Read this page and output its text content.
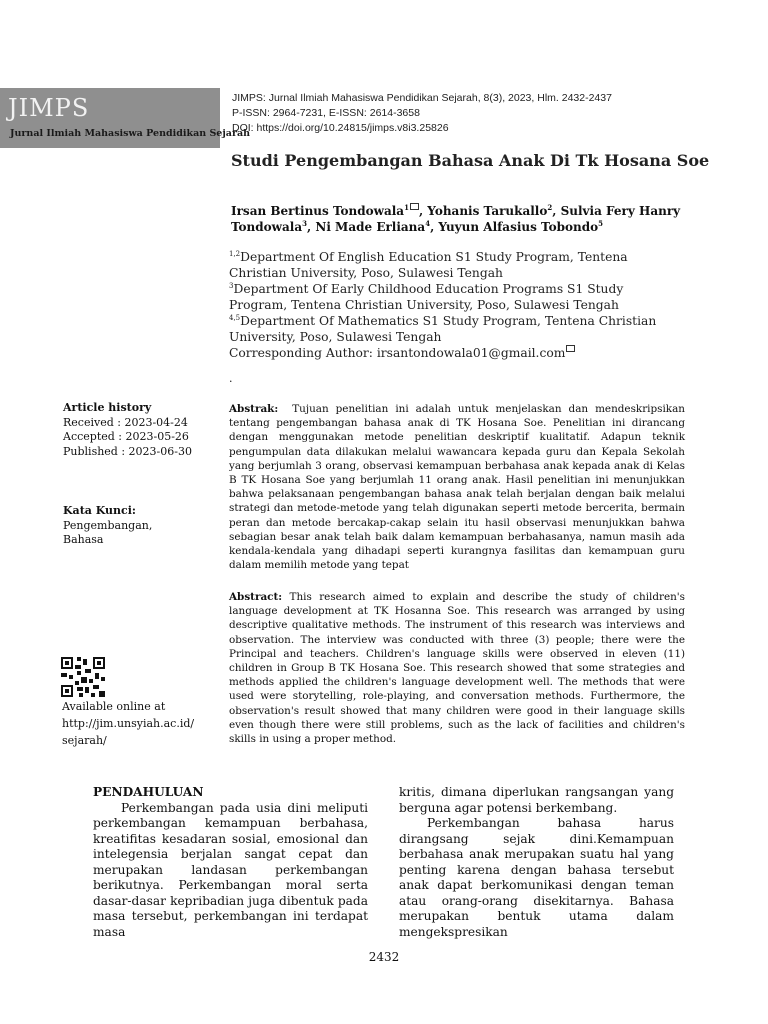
JIMPS
Jurnal Ilmiah Mahasiswa Pendidikan Sejarah
JIMPS: Jurnal Ilmiah Mahasiswa Pendidikan Sejarah, 8(3), 2023, Hlm. 2432-2437
P-ISSN: 2964-7231, E-ISSN: 2614-3658
DOI: https://doi.org/10.24815/jimps.v8i3.25826
Studi Pengembangan Bahasa Anak Di Tk Hosana Soe
Irsan Bertinus Tondowala$^1$ , Yohanis Tarukallo$^2$, Sulvia Fery Hanry Tondowala$^3$, Ni Made Erliana$^4$, Yuyun Alfasius Tobondo$^5$
$^{1,2}$Department Of English Education S1 Study Program, Tentena Christian University, Poso, Sulawesi Tengah
$^3$Department Of Early Childhood Education Programs S1 Study Program, Tentena Christian University, Poso, Sulawesi Tengah
$^{4,5}$Department Of Mathematics S1 Study Program, Tentena Christian University, Poso, Sulawesi Tengah
Corresponding Author: irsantondowala01@gmail.com
.
Article history
Received : 2023-04-24
Accepted : 2023-05-26
Published : 2023-06-30
Kata Kunci:
Pengembangan,
Bahasa
Available online at
http://jim.unsyiah.ac.id/
sejarah/
Abstrak: Tujuan penelitian ini adalah untuk menjelaskan dan mendeskripsikan tentang pengembangan bahasa anak di TK Hosana Soe. Penelitian ini dirancang dengan menggunakan metode penelitian deskriptif kualitatif. Adapun teknik pengumpulan data dilakukan melalui wawancara kepada guru dan Kepala Sekolah yang berjumlah 3 orang, observasi kemampuan berbahasa anak kepada anak di Kelas B TK Hosana Soe yang berjumlah 11 orang anak. Hasil penelitian ini menunjukkan bahwa pelaksanaan pengembangan bahasa anak telah berjalan dengan baik melalui strategi dan metode-metode yang telah digunakan seperti metode bercerita, bermain peran dan metode bercakap-cakap selain itu hasil observasi menunjukkan bahwa sebagian besar anak telah baik dalam kemampuan berbahasanya, namun masih ada kendala-kendala yang dihadapi seperti kurangnya fasilitas dan kemampuan guru dalam memilih metode yang tepat
Abstract: This research aimed to explain and describe the study of children's language development at TK Hosanna Soe. This research was arranged by using descriptive qualitative methods. The instrument of this research was interviews and observation. The interview was conducted with three (3) people; there were the Principal and teachers. Children's language skills were observed in eleven (11) children in Group B TK Hosana Soe. This research showed that some strategies and methods applied the children's language development well. The methods that were used were storytelling, role-playing, and conversation methods. Furthermore, the observation's result showed that many children were good in their language skills even though there were still problems, such as the lack of facilities and children's skills in using a proper method.
PENDAHULUAN

Perkembangan pada usia dini meliputi perkembangan kemampuan berbahasa, kreatifitas kesadaran sosial, emosional dan intelegensia berjalan sangat cepat dan merupakan landasan perkembangan berikutnya. Perkembangan moral serta dasar-dasar kepribadian juga dibentuk pada masa tersebut, perkembangan ini terdapat masa

kritis, dimana diperlukan rangsangan yang berguna agar potensi berkembang.

Perkembangan bahasa harus dirangsang sejak dini.Kemampuan berbahasa anak merupakan suatu hal yang penting karena dengan bahasa tersebut anak dapat berkomunikasi dengan teman atau orang-orang disekitarnya. Bahasa merupakan bentuk utama dalam mengekspresikan

2432
